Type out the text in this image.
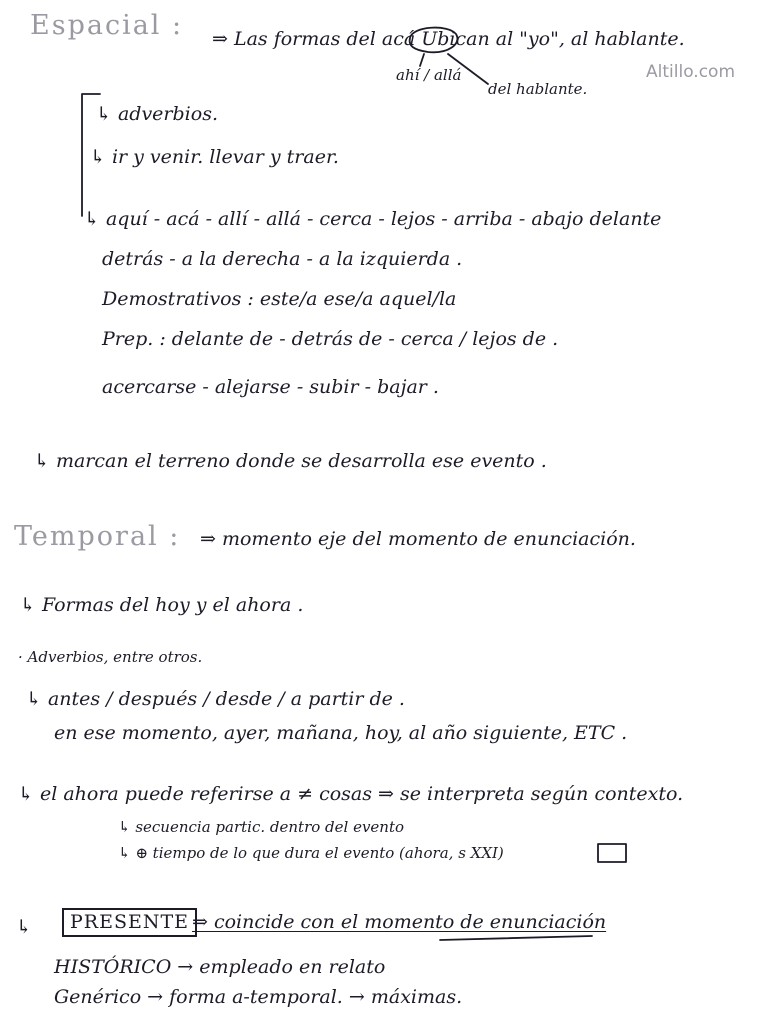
Espacial : ⇒ Las formas del acá Ubican al "yo", al hablante.
ahí / allá
del hablante.
Altillo.com
↳ adverbios.
↳ ir y venir. llevar y traer.
↳ aquí - acá - allí - allá - cerca - lejos - arriba - abajo delante
detrás - a la derecha - a la izquierda .
Demostrativos : este/a ese/a aquel/la
Prep. : delante de - detrás de - cerca / lejos de .
acercarse - alejarse - subir - bajar .
↳ marcan el terreno donde se desarrolla ese evento .
Temporal : ⇒ momento eje del momento de enunciación.
↳ Formas del hoy y el ahora .
· Adverbios, entre otros.
↳ antes / después / desde / a partir de .
en ese momento, ayer, mañana, hoy, al año siguiente, ETC .
↳ el ahora puede referirse a ≠ cosas ⇒ se interpreta según contexto.
↳ secuencia partic. dentro del evento
↳ ⊕ tiempo de lo que dura el evento (ahora, s XXI)
↳	PRESENTE ⇒ coincide con el momento de enunciación
HISTÓRICO → empleado en relato
Genérico → forma a-temporal. → máximas.
